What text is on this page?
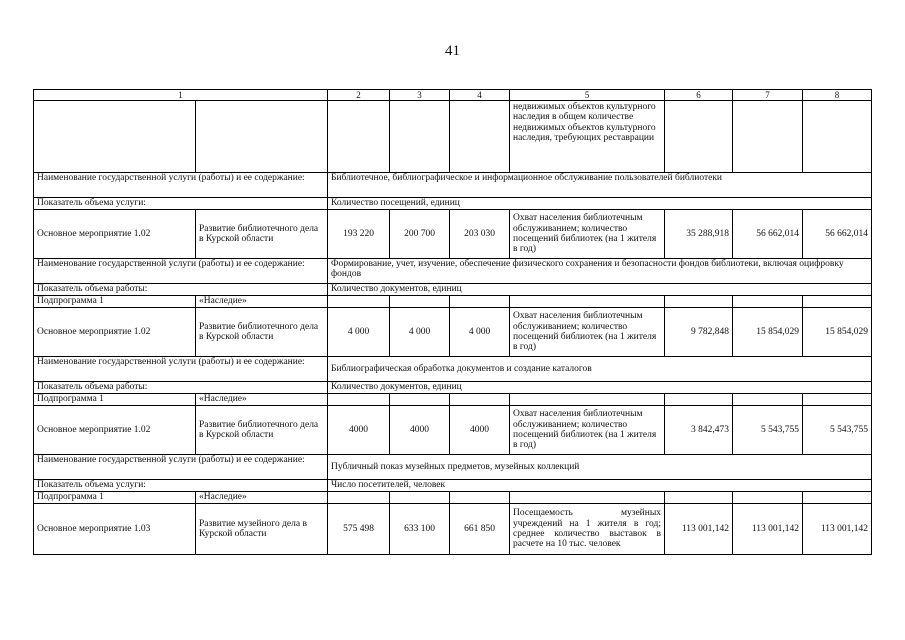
41
1		2	3	4	5	6	7	8
					недвижимых объектов культурного наследия в общем количестве недвижимых объектов культурного наследия, требующих реставрации			
Наименование государственной услуги (работы) и ее содержание:		Библиотечное, библиографическое и информационное обслуживание пользователей библиотеки						
Показатель объема услуги:		Количество посещений, единиц						
Основное мероприятие 1.02	Развитие библиотечного дела в Курской области	193 220	200 700	203 030	Охват населения библиотечным обслуживанием; количество посещений библиотек (на 1 жителя в год)	35 288,918	56 662,014	56 662,014
Наименование государственной услуги (работы) и ее содержание:		Формирование, учет, изучение, обеспечение физического сохранения и безопасности фондов библиотеки, включая оцифровку фондов						
Показатель объема работы:		Количество документов, единиц						
Подпрограмма 1	«Наследие»							
Основное мероприятие 1.02	Развитие библиотечного дела в Курской области	4 000	4 000	4 000	Охват населения библиотечным обслуживанием; количество посещений библиотек (на 1 жителя в год)	9 782,848	15 854,029	15 854,029
Наименование государственной услуги (работы) и ее содержание:		Библиографическая обработка документов и создание каталогов						
Показатель объема работы:		Количество документов, единиц						
Подпрограмма 1	«Наследие»							
Основное мероприятие 1.02	Развитие библиотечного дела в Курской области	4000	4000	4000	Охват населения библиотечным обслуживанием; количество посещений библиотек (на 1 жителя в год)	3 842,473	5 543,755	5 543,755
Наименование государственной услуги (работы) и ее содержание:		Публичный показ музейных предметов, музейных коллекций						
Показатель объема услуги:		Число посетителей, человек						
Подпрограмма 1	«Наследие»							
Основное мероприятие 1.03	Развитие музейного дела в Курской области	575 498	633 100	661 850	Посещаемость музейных учреждений на 1 жителя в год; среднее количество выставок в расчете на 10 тыс. человек	113 001,142	113 001,142	113 001,142
